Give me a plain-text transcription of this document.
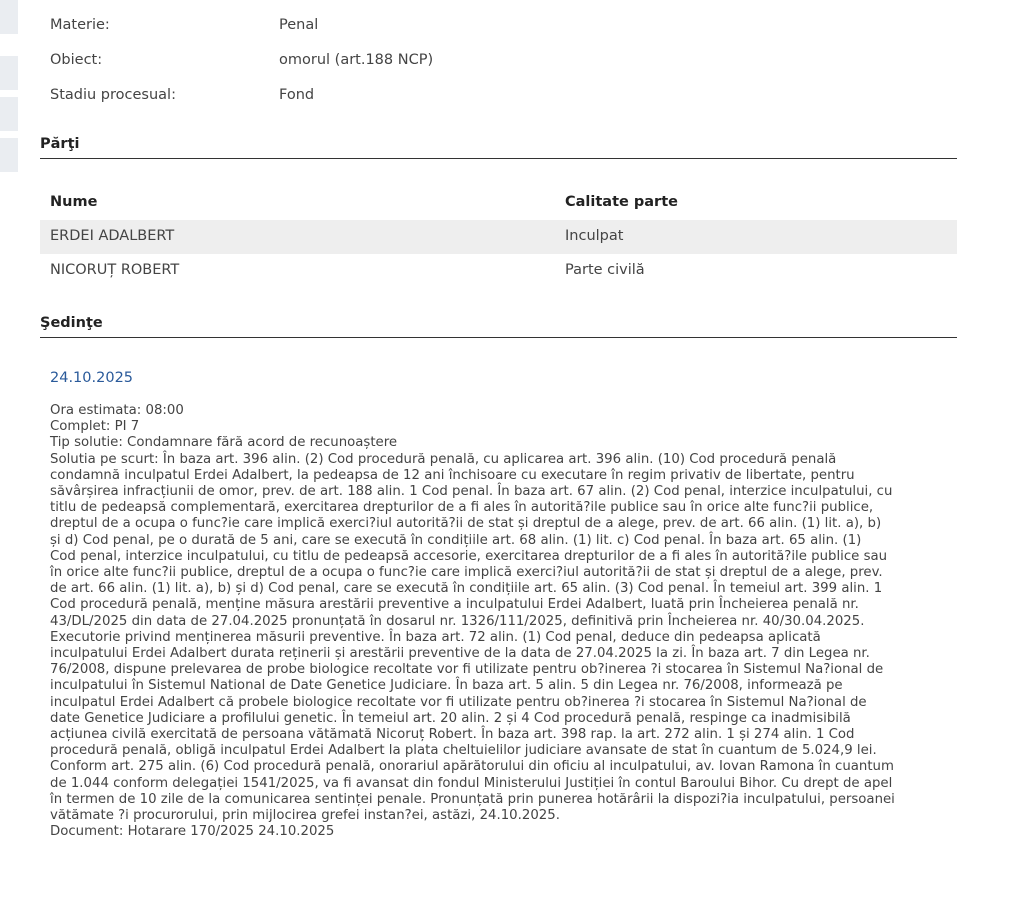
Materie:	Penal
Obiect:	omorul (art.188 NCP)
Stadiu procesual:	Fond
Părţi
Nume	Calitate parte
ERDEI ADALBERT	Inculpat
NICORUȚ ROBERT	Parte civilă
Şedinţe
24.10.2025
Ora estimata: 08:00
Complet: PI 7
Tip solutie: Condamnare fără acord de recunoaștere
Solutia pe scurt: În baza art. 396 alin. (2) Cod procedură penală, cu aplicarea art. 396 alin. (10) Cod procedură penală
condamnă inculpatul Erdei Adalbert, la pedeapsa de 12 ani închisoare cu executare în regim privativ de libertate, pentru
săvârșirea infracțiunii de omor, prev. de art. 188 alin. 1 Cod penal. În baza art. 67 alin. (2) Cod penal, interzice inculpatului, cu
titlu de pedeapsă complementară, exercitarea drepturilor de a fi ales în autorită?ile publice sau în orice alte func?ii publice,
dreptul de a ocupa o func?ie care implică exerci?iul autorită?ii de stat și dreptul de a alege, prev. de art. 66 alin. (1) lit. a), b)
și d) Cod penal, pe o durată de 5 ani, care se execută în condițiile art. 68 alin. (1) lit. c) Cod penal. În baza art. 65 alin. (1)
Cod penal, interzice inculpatului, cu titlu de pedeapsă accesorie, exercitarea drepturilor de a fi ales în autorită?ile publice sau
în orice alte func?ii publice, dreptul de a ocupa o func?ie care implică exerci?iul autorită?ii de stat și dreptul de a alege, prev.
de art. 66 alin. (1) lit. a), b) și d) Cod penal, care se execută în condițiile art. 65 alin. (3) Cod penal. În temeiul art. 399 alin. 1
Cod procedură penală, menține măsura arestării preventive a inculpatului Erdei Adalbert, luată prin Încheierea penală nr.
43/DL/2025 din data de 27.04.2025 pronunțată în dosarul nr. 1326/111/2025, definitivă prin Încheierea nr. 40/30.04.2025.
Executorie privind menținerea măsurii preventive. În baza art. 72 alin. (1) Cod penal, deduce din pedeapsa aplicată
inculpatului Erdei Adalbert durata reținerii și arestării preventive de la data de 27.04.2025 la zi. În baza art. 7 din Legea nr.
76/2008, dispune prelevarea de probe biologice recoltate vor fi utilizate pentru ob?inerea ?i stocarea în Sistemul Na?ional de
inculpatului în Sistemul National de Date Genetice Judiciare. În baza art. 5 alin. 5 din Legea nr. 76/2008, informează pe
inculpatul Erdei Adalbert că probele biologice recoltate vor fi utilizate pentru ob?inerea ?i stocarea în Sistemul Na?ional de
date Genetice Judiciare a profilului genetic. În temeiul art. 20 alin. 2 și 4 Cod procedură penală, respinge ca inadmisibilă
acțiunea civilă exercitată de persoana vătămată Nicoruț Robert. În baza art. 398 rap. la art. 272 alin. 1 și 274 alin. 1 Cod
procedură penală, obligă inculpatul Erdei Adalbert la plata cheltuielilor judiciare avansate de stat în cuantum de 5.024,9 lei.
Conform art. 275 alin. (6) Cod procedură penală, onorariul apărătorului din oficiu al inculpatului, av. Iovan Ramona în cuantum
de 1.044 conform delegației 1541/2025, va fi avansat din fondul Ministerului Justiției în contul Baroului Bihor. Cu drept de apel
în termen de 10 zile de la comunicarea sentinței penale. Pronunțată prin punerea hotărârii la dispozi?ia inculpatului, persoanei
vătămate ?i procurorului, prin mijlocirea grefei instan?ei, astăzi, 24.10.2025.
Document: Hotarare 170/2025 24.10.2025
